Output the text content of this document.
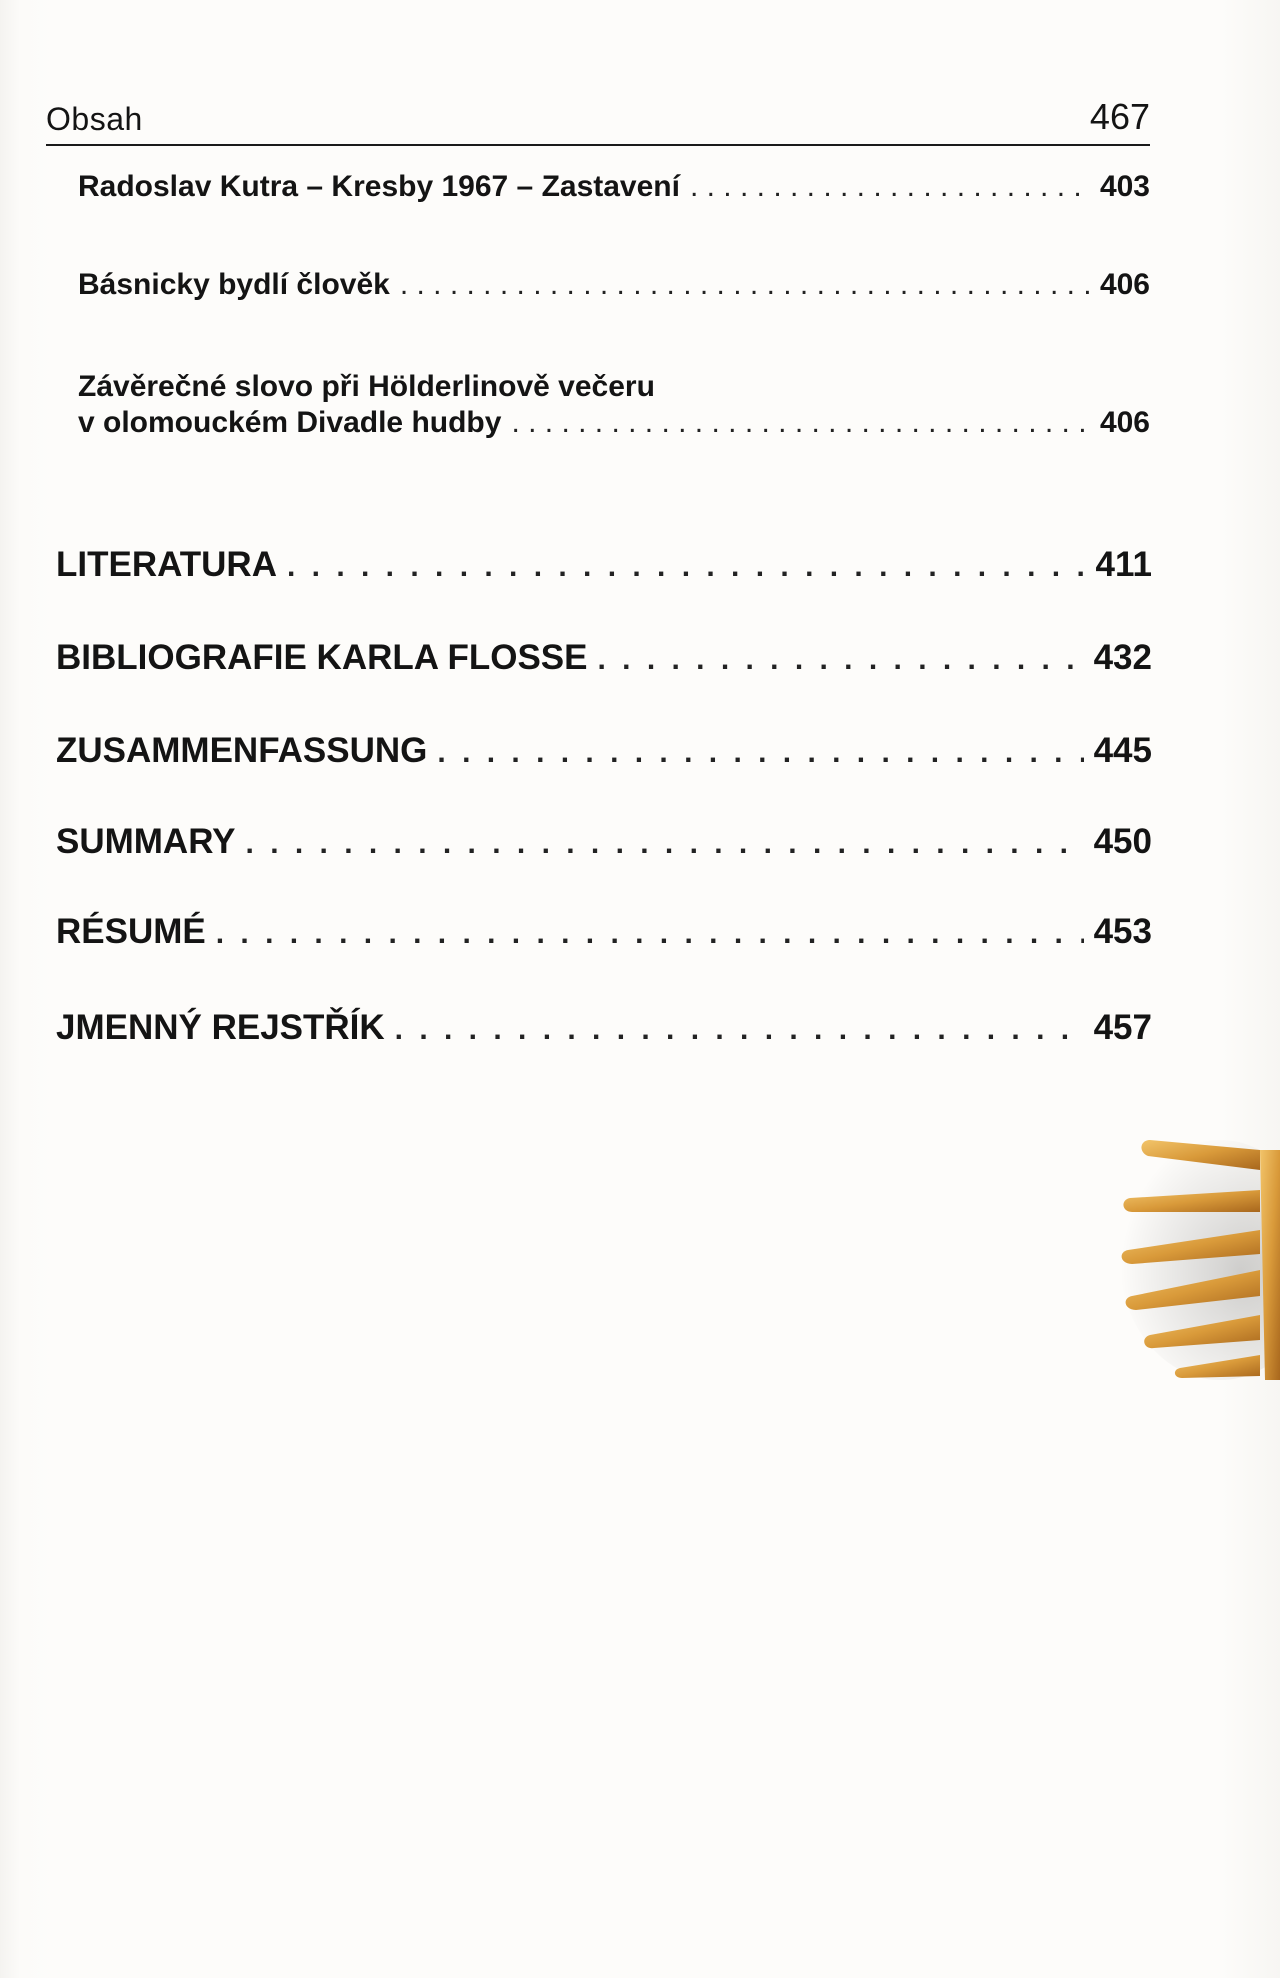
Obsah	467
Radoslav Kutra – Kresby 1967 – Zastavení . . .	403
Básnicky bydlí člověk . . .	406
Závěrečné slovo při Hölderlinově večeru
v olomouckém Divadle hudby . . .	406
LITERATURA . . .	411
BIBLIOGRAFIE KARLA FLOSSE . . .	432
ZUSAMMENFASSUNG . . .	445
SUMMARY . . .	450
RÉSUMÉ . . .	453
JMENNÝ REJSTŘÍK . . .	457
